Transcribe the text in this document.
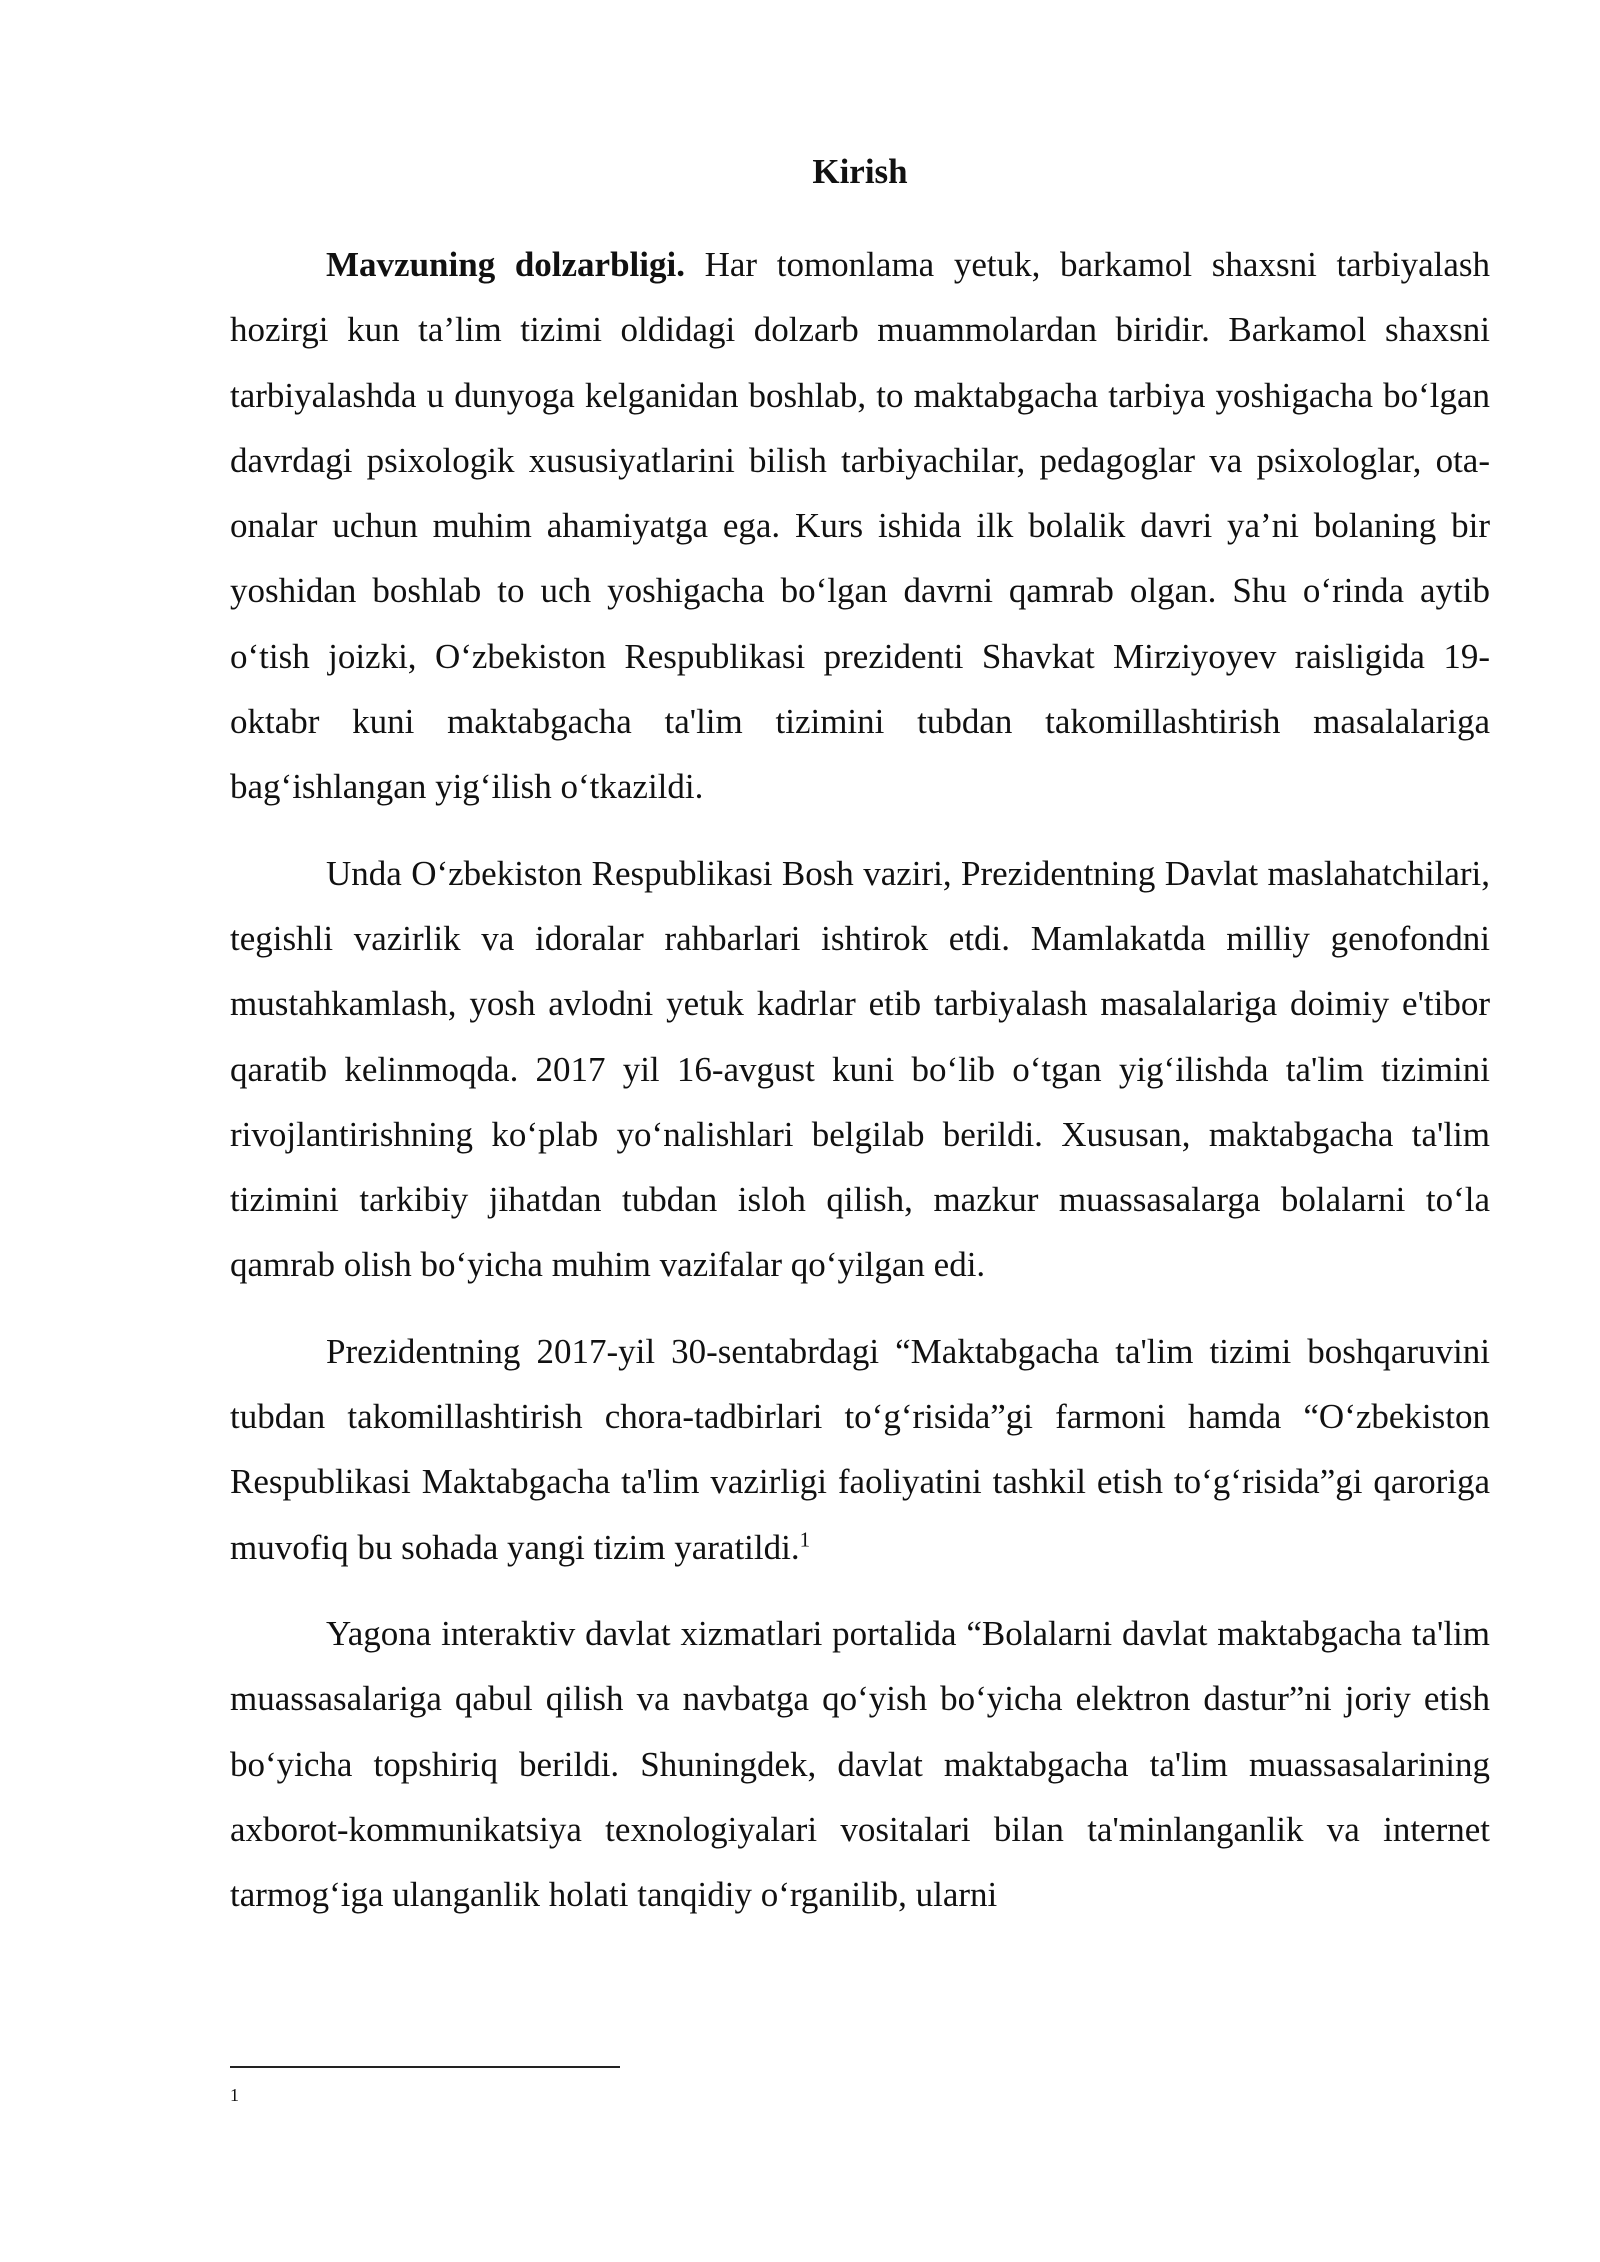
Kirish

Mavzuning dolzarbligi. Har tomonlama yetuk, barkamol shaxsni tarbiyalash hozirgi kun ta’lim tizimi oldidagi dolzarb muammolardan biridir. Barkamol shaxsni tarbiyalashda u dunyoga kelganidan boshlab, to maktabgacha tarbiya yoshigacha bo‘lgan davrdagi psixologik xususiyatlarini bilish tarbiyachilar, pedagoglar va psixologlar, ota-onalar uchun muhim ahamiyatga ega. Kurs ishida ilk bolalik davri ya’ni bolaning bir yoshidan boshlab to uch yoshigacha bo‘lgan davrni qamrab olgan. Shu o‘rinda aytib o‘tish joizki, O‘zbekiston Respublikasi prezidenti Shavkat Mirziyoyev raisligida 19-oktabr kuni maktabgacha ta'lim tizimini tubdan takomillashtirish masalalariga bag‘ishlangan yig‘ilish o‘tkazildi.

Unda O‘zbekiston Respublikasi Bosh vaziri, Prezidentning Davlat maslahatchilari, tegishli vazirlik va idoralar rahbarlari ishtirok etdi. Mamlakatda milliy genofondni mustahkamlash, yosh avlodni yetuk kadrlar etib tarbiyalash masalalariga doimiy e'tibor qaratib kelinmoqda. 2017 yil 16-avgust kuni bo‘lib o‘tgan yig‘ilishda ta'lim tizimini rivojlantirishning ko‘plab yo‘nalishlari belgilab berildi. Xususan, maktabgacha ta'lim tizimini tarkibiy jihatdan tubdan isloh qilish, mazkur muassasalarga bolalarni to‘la qamrab olish bo‘yicha muhim vazifalar qo‘yilgan edi.

Prezidentning 2017-yil 30-sentabrdagi “Maktabgacha ta'lim tizimi boshqaruvini tubdan takomillashtirish chora-tadbirlari to‘g‘risida”gi farmoni hamda “O‘zbekiston Respublikasi Maktabgacha ta'lim vazirligi faoliyatini tashkil etish to‘g‘risida”gi qaroriga muvofiq bu sohada yangi tizim yaratildi.$^1$

Yagona interaktiv davlat xizmatlari portalida “Bolalarni davlat maktabgacha ta'lim muassasalariga qabul qilish va navbatga qo‘yish bo‘yicha elektron dastur”ni joriy etish bo‘yicha topshiriq berildi. Shuningdek, davlat maktabgacha ta'lim muassasalarining axborot-kommunikatsiya texnologiyalari vositalari bilan ta'minlanganlik va internet tarmog‘iga ulanganlik holati tanqidiy o‘rganilib, ularni

1
